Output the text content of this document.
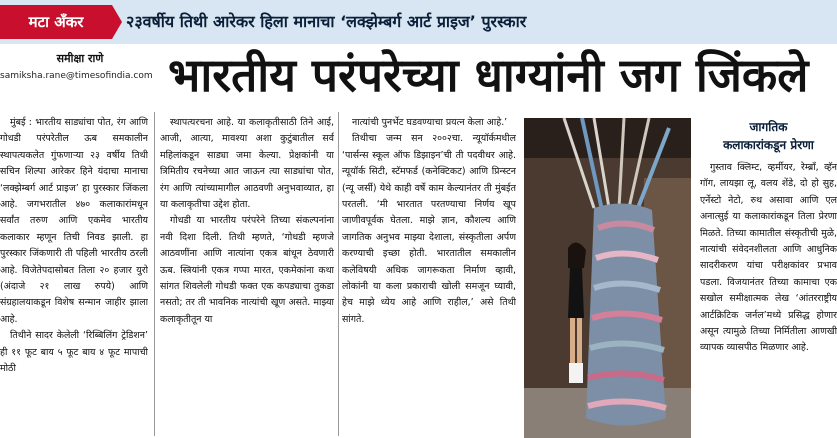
मटा अँकर	२३वर्षीय तिथी आरेकर हिला मानाचा ‘लक्झेम्बर्ग आर्ट प्राइज’ पुरस्कार
समीक्षा राणे
samiksha.rane@timesofindia.com भारतीय परंपरेच्या धाग्यांनी जग जिंकले

मुंबई : भारतीय साड्यांचा पोत, रंग आणि गोधडी परंपरेतील ऊब समकालीन स्थापत्यकलेत गुंफणाऱ्या २३ वर्षीय तिथी सचिन शिल्पा आरेकर हिने यंदाचा मानाचा ‘लक्झेम्बर्ग आर्ट प्राइज’ हा पुरस्कार जिंकला आहे. जगभरातील ४७० कलाकारांमधून सर्वांत तरुण आणि एकमेव भारतीय कलाकार म्हणून तिची निवड झाली. हा पुरस्कार जिंकणारी ती पहिली भारतीय ठरली आहे. विजेतेपदासोबत तिला २० हजार युरो (अंदाजे २१ लाख रुपये) आणि संग्रहालयाकडून विशेष सन्मान जाहीर झाला आहे.

तिथीने सादर केलेली ‘रिब्बिलिंग ट्रेडिशन’ ही ११ फूट बाय ५ फूट बाय ४ फूट मापाची मोठी

स्थापत्यरचना आहे. या कलाकृतीसाठी तिने आई, आजी, आत्या, मावश्या अशा कुटुंबातील सर्व महिलांकडून साड्या जमा केल्या. प्रेक्षकांनी या त्रिमितीय रचनेच्या आत जाऊन त्या साड्यांचा पोत, रंग आणि त्यांच्यामागील आठवणी अनुभवाव्यात, हा या कलाकृतीचा उद्देश होता.

गोधडी या भारतीय परंपरेने तिच्या संकल्पनांना नवी दिशा दिली. तिथी म्हणते, ‘गोधडी म्हणजे आठवणींना आणि नात्यांना एकत्र बांधून ठेवणारी ऊब. स्त्रियांनी एकत्र गप्पा मारत, एकमेकांना कथा सांगत शिवलेली गोधडी फक्त एक कपड्याचा तुकडा नसतो; तर ती भावनिक नात्यांची खूण असते. माझ्या कलाकृतीतून या

नात्यांची पुनर्भेट घडवण्याचा प्रयत्न केला आहे.’

तिथीचा जन्म सन २००२चा. न्यूयॉर्कमधील ‘पार्सन्स स्कूल ऑफ डिझाइन’ची ती पदवीधर आहे. न्यूयॉर्क सिटी, स्टॅमफर्ड (कनेक्टिकट) आणि प्रिन्स्टन (न्यू जर्सी) येथे काही वर्षे काम केल्यानंतर ती मुंबईत परतली. ‘मी भारतात परतण्याचा निर्णय खूप जाणीवपूर्वक घेतला. माझे ज्ञान, कौशल्य आणि जागतिक अनुभव माझ्या देशाला, संस्कृतीला अर्पण करण्याची इच्छा होती. भारतातील समकालीन कलेविषयी अधिक जागरूकता निर्माण व्हावी, लोकांनी या कला प्रकाराची खोली समजून घ्यावी, हेच माझे ध्येय आहे आणि राहील,’ असे तिथी सांगते.

जागतिक
कलाकारांकडून प्रेरणा

गुस्ताव क्लिम्ट, व्हर्मीयर, रेम्ब्राँ, व्हॅन गॉग, लायझा लू, वलय शेंडे, दो हो सुह, एर्नेस्टो नेटो, रुथ असावा आणि एल अनात्सुई या कलाकारांकडून तिला प्रेरणा मिळते. तिच्या कामातील संस्कृतीची मुळे, नात्यांची संवेदनशीलता आणि आधुनिक सादरीकरण यांचा परीक्षकांवर प्रभाव पडला. विजयानंतर तिच्या कामाचा एक सखोल समीक्षात्मक लेख ‘आंतरराष्ट्रीय आर्टक्रिटिक जर्नल’मध्ये प्रसिद्ध होणार असून त्यामुळे तिच्या निर्मितीला आणखी व्यापक व्यासपीठ मिळणार आहे.
